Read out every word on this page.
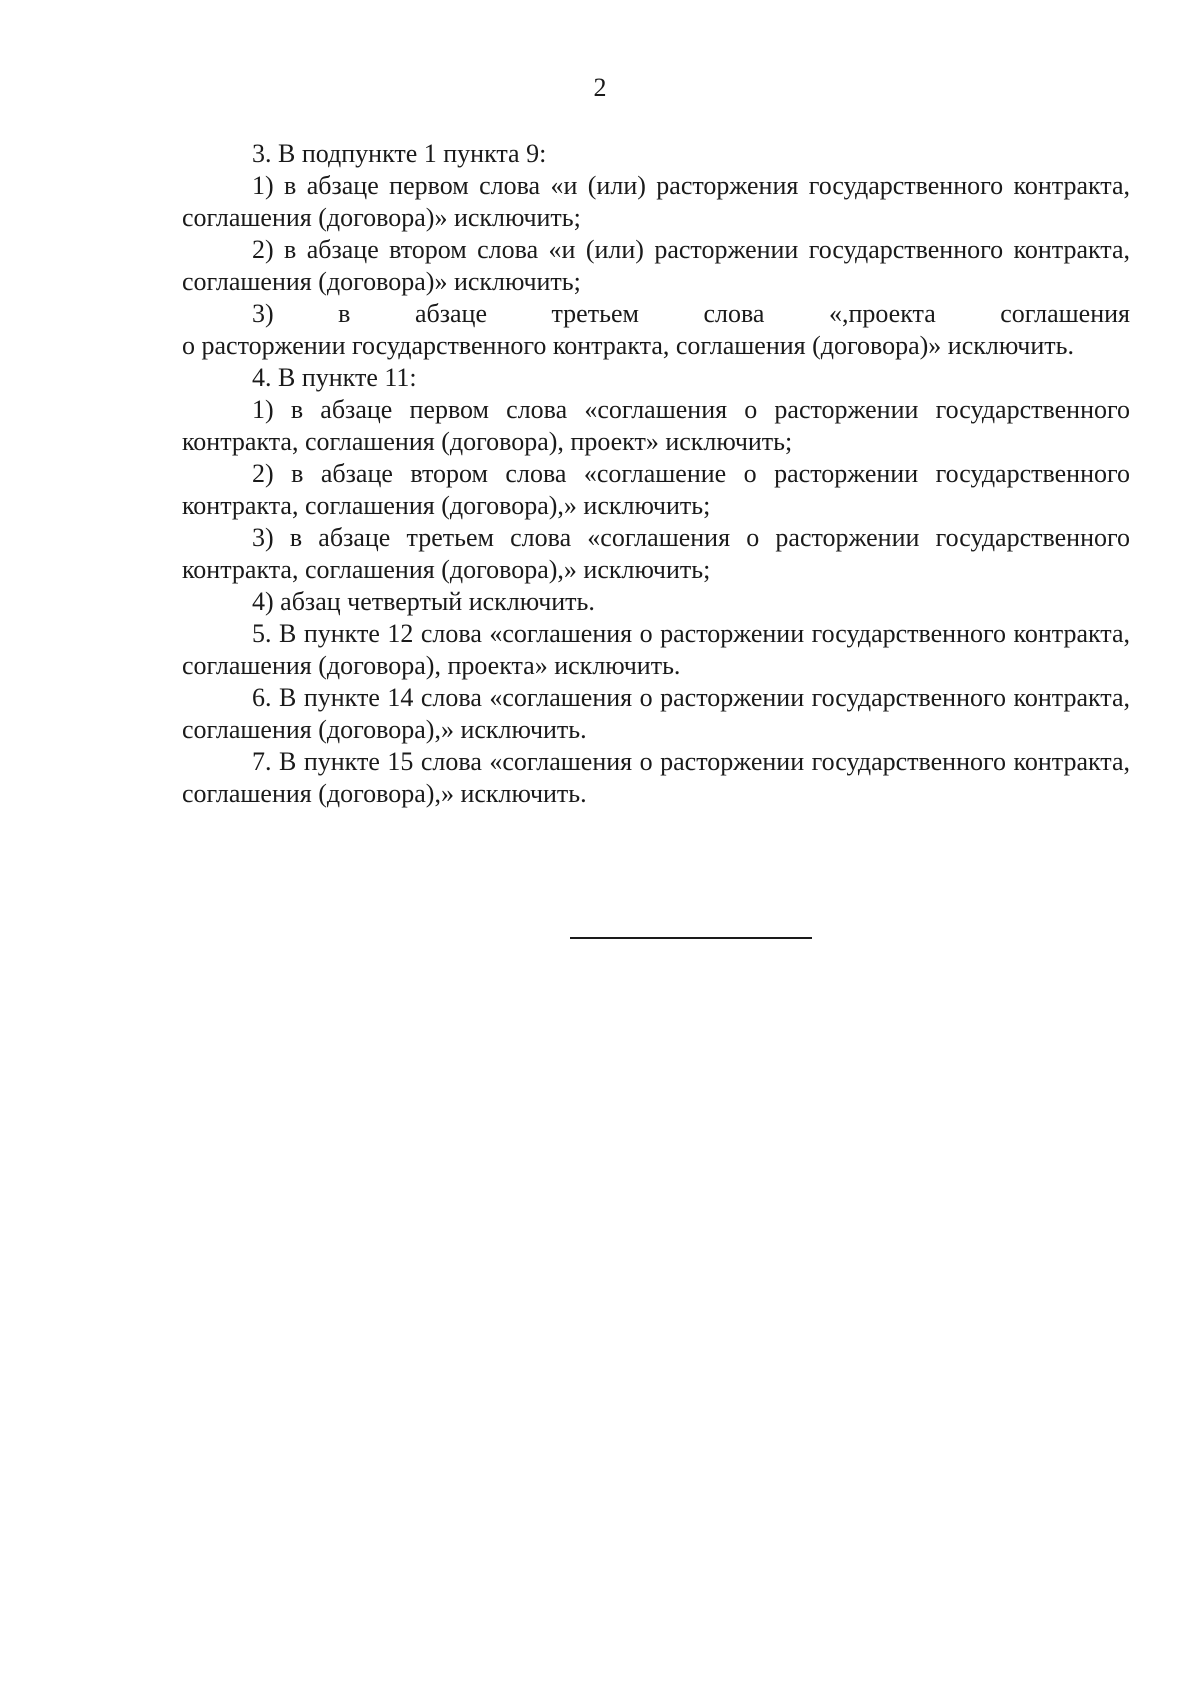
2

3. В подпункте 1 пункта 9:

1) в абзаце первом слова «и (или) расторжения государственного контракта, соглашения (договора)» исключить;

2) в абзаце втором слова «и (или) расторжении государственного контракта, соглашения (договора)» исключить;

3) в абзаце третьем слова «,проекта соглашения

о расторжении государственного контракта, соглашения (договора)» исключить.

4. В пункте 11:

1) в абзаце первом слова «соглашения о расторжении государственного контракта, соглашения (договора), проект» исключить;

2) в абзаце втором слова «соглашение о расторжении государственного контракта, соглашения (договора),» исключить;

3) в абзаце третьем слова «соглашения о расторжении государственного контракта, соглашения (договора),» исключить;

4) абзац четвертый исключить.

5. В пункте 12 слова «соглашения о расторжении государственного контракта, соглашения (договора), проекта» исключить.

6. В пункте 14 слова «соглашения о расторжении государственного контракта, соглашения (договора),» исключить.

7. В пункте 15 слова «соглашения о расторжении государственного контракта, соглашения (договора),» исключить.
